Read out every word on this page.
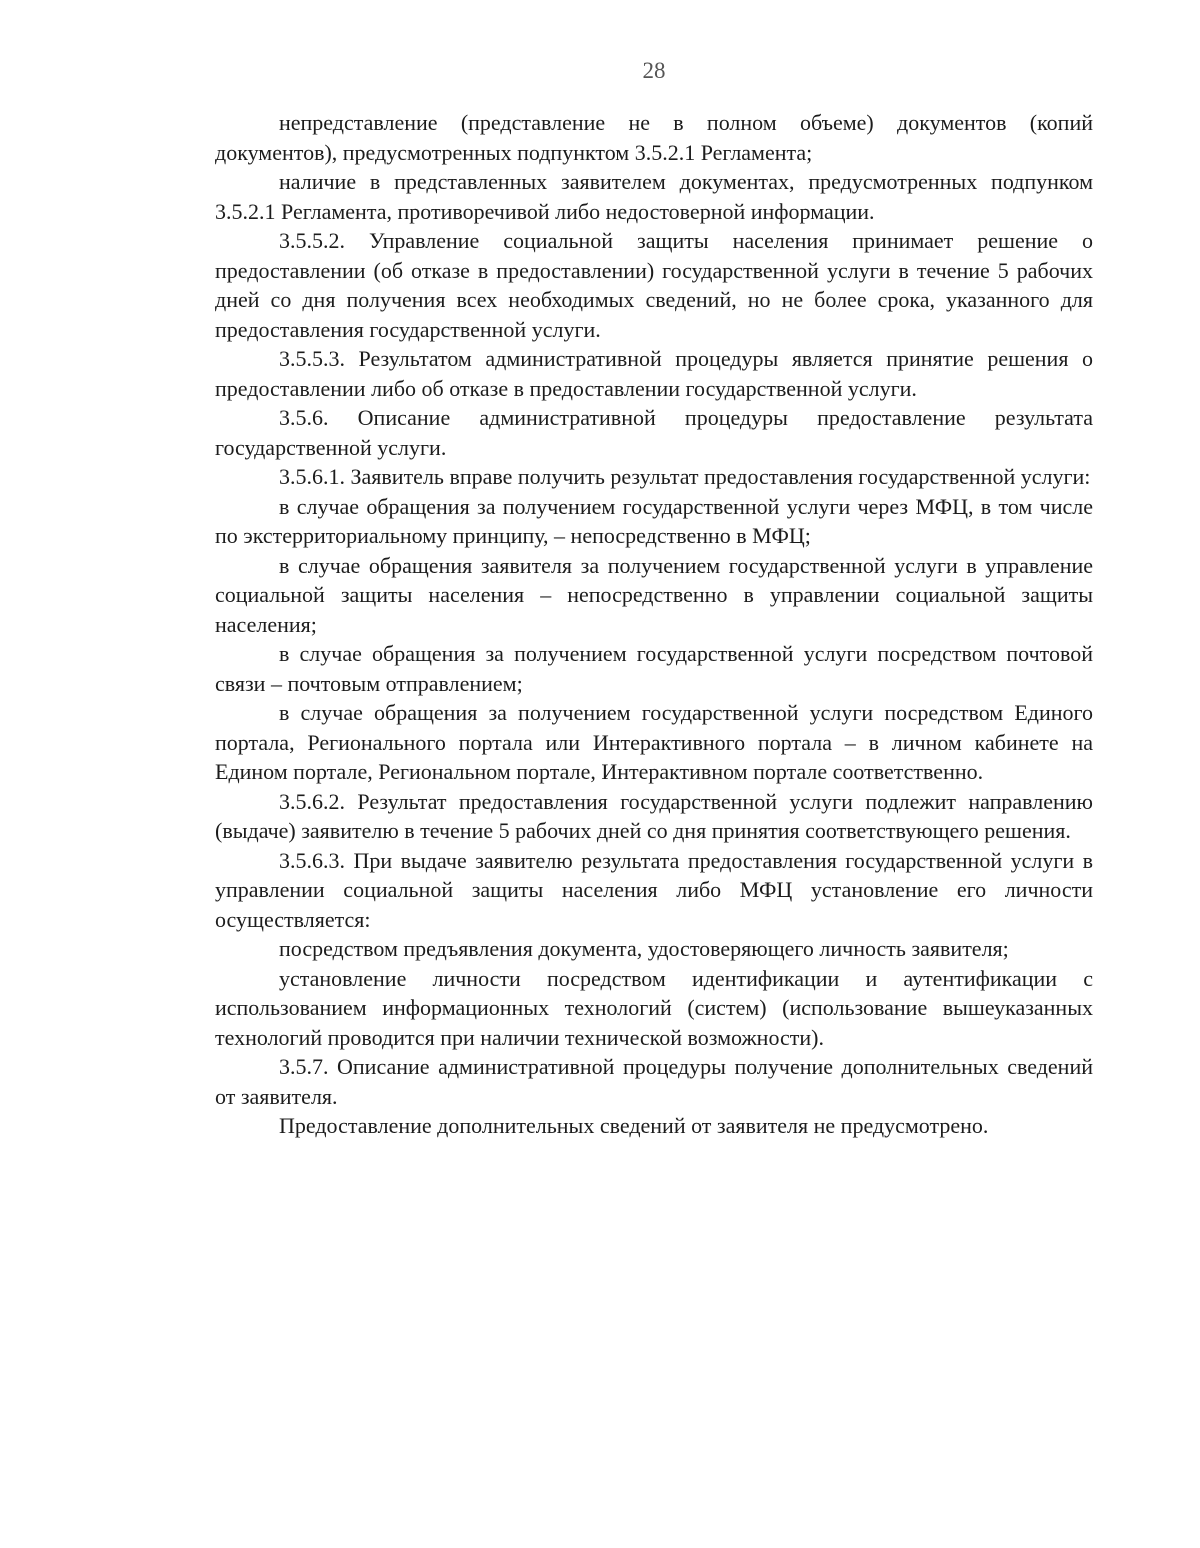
28

непредставление (представление не в полном объеме) документов (копий документов), предусмотренных подпунктом 3.5.2.1 Регламента;

наличие в представленных заявителем документах, предусмотренных подпунком 3.5.2.1 Регламента, противоречивой либо недостоверной информации.

3.5.5.2. Управление социальной защиты населения принимает решение о предоставлении (об отказе в предоставлении) государственной услуги в течение 5 рабочих дней со дня получения всех необходимых сведений, но не более срока, указанного для предоставления государственной услуги.

3.5.5.3. Результатом административной процедуры является принятие решения о предоставлении либо об отказе в предоставлении государственной услуги.

3.5.6. Описание административной процедуры предоставление результата государственной услуги.

3.5.6.1. Заявитель вправе получить результат предоставления государственной услуги:

в случае обращения за получением государственной услуги через МФЦ, в том числе по экстерриториальному принципу, – непосредственно в МФЦ;

в случае обращения заявителя за получением государственной услуги в управление социальной защиты населения – непосредственно в управлении социальной защиты населения;

в случае обращения за получением государственной услуги посредством почтовой связи – почтовым отправлением;

в случае обращения за получением государственной услуги посредством Единого портала, Регионального портала или Интерактивного портала – в личном кабинете на Едином портале, Региональном портале, Интерактивном портале соответственно.

3.5.6.2. Результат предоставления государственной услуги подлежит направлению (выдаче) заявителю в течение 5 рабочих дней со дня принятия соответствующего решения.

3.5.6.3. При выдаче заявителю результата предоставления государственной услуги в управлении социальной защиты населения либо МФЦ установление его личности осуществляется:

посредством предъявления документа, удостоверяющего личность заявителя;

установление личности посредством идентификации и аутентификации с использованием информационных технологий (систем) (использование вышеуказанных технологий проводится при наличии технической возможности).

3.5.7. Описание административной процедуры получение дополнительных сведений от заявителя.

Предоставление дополнительных сведений от заявителя не предусмотрено.
